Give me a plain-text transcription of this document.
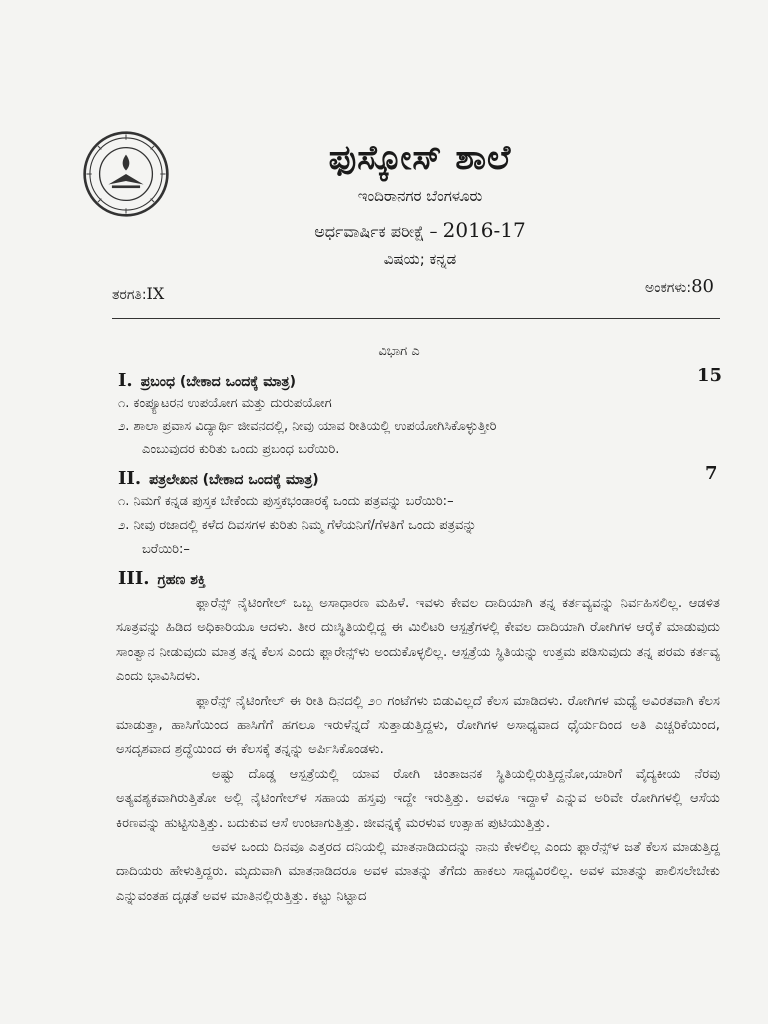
ಫುಸ್ಕೋಸ್ ಶಾಲೆ
ಇಂದಿರಾನಗರ ಬೆಂಗಳೂರು
ಅರ್ಧವಾರ್ಷಿಕ ಪರೀಕ್ಷೆ – 2016-17
ವಿಷಯ; ಕನ್ನಡ
ತರಗತಿ:IX	ಅಂಕಗಳು:80
ವಿಭಾಗ ಎ
I. ಪ್ರಬಂಧ (ಬೇಕಾದ ಒಂದಕ್ಕೆ ಮಾತ್ರ)	15
೧. ಕಂಪ್ಯೂಟರನ ಉಪಯೋಗ ಮತ್ತು ದುರುಪಯೋಗ
೨. ಶಾಲಾ ಪ್ರವಾಸ ವಿದ್ಯಾರ್ಥಿ ಜೀವನದಲ್ಲಿ, ನೀವು ಯಾವ ರೀತಿಯಲ್ಲಿ ಉಪಯೋಗಿಸಿಕೊಳ್ಳುತ್ತೀರಿ
ಎಂಬುವುದರ ಕುರಿತು ಒಂದು ಪ್ರಬಂಧ ಬರೆಯಿರಿ.
II. ಪತ್ರಲೇಖನ (ಬೇಕಾದ ಒಂದಕ್ಕೆ ಮಾತ್ರ)	7
೧. ನಿಮಗೆ ಕನ್ನಡ ಪುಸ್ತಕ ಬೇಕೆಂದು ಪುಸ್ತಕಭಂಡಾರಕ್ಕೆ ಒಂದು ಪತ್ರವನ್ನು ಬರೆಯಿರಿ:–
೨. ನೀವು ರಜಾದಲ್ಲಿ ಕಳೆದ ದಿವಸಗಳ ಕುರಿತು ನಿಮ್ಮ ಗೆಳೆಯನಿಗೆ/ಗೆಳತಿಗೆ ಒಂದು ಪತ್ರವನ್ನು
ಬರೆಯಿರಿ:–
III. ಗ್ರಹಣ ಶಕ್ತಿ

ಫ್ಲಾರೆನ್ಸ್ ನೈಟಿಂಗೇಲ್ ಒಬ್ಬ ಅಸಾಧಾರಣ ಮಹಿಳೆ. ಇವಳು ಕೇವಲ ದಾದಿಯಾಗಿ ತನ್ನ ಕರ್ತವ್ಯವನ್ನು ನಿರ್ವಹಿಸಲಿಲ್ಲ. ಆಡಳಿತ ಸೂತ್ರವನ್ನು ಹಿಡಿದ ಅಧಿಕಾರಿಯೂ ಆದಳು. ತೀರ ದುಃಸ್ಥಿತಿಯಲ್ಲಿದ್ದ ಈ ಮಿಲಿಟರಿ ಆಸ್ಪತ್ರೆಗಳಲ್ಲಿ ಕೇವಲ ದಾದಿಯಾಗಿ ರೋಗಿಗಳ ಆರೈಕೆ ಮಾಡುವುದು ಸಾಂತ್ವಾನ ನೀಡುವುದು ಮಾತ್ರ ತನ್ನ ಕೆಲಸ ಎಂದು ಫ್ಲಾರೇನ್ಸ್‌ಳು ಅಂದುಕೊಳ್ಳಲಿಲ್ಲ. ಆಸ್ಪತ್ರೆಯ ಸ್ಥಿತಿಯನ್ನು ಉತ್ತಮ ಪಡಿಸುವುದು ತನ್ನ ಪರಮ ಕರ್ತವ್ಯ ಎಂದು ಭಾವಿಸಿದಳು.

ಫ್ಲಾರೆನ್ಸ್ ನೈಟಿಂಗೇಲ್ ಈ ರೀತಿ ದಿನದಲ್ಲಿ ೨೦ ಗಂಟೆಗಳು ಬಿಡುವಿಲ್ಲದೆ ಕೆಲಸ ಮಾಡಿದಳು. ರೋಗಿಗಳ ಮಧ್ಯೆ ಅವಿರತವಾಗಿ ಕೆಲಸ ಮಾಡುತ್ತಾ, ಹಾಸಿಗೆಯಿಂದ ಹಾಸಿಗೆಗೆ ಹಗಲೂ ಇರುಳೆನ್ನದೆ ಸುತ್ತಾಡುತ್ತಿದ್ದಳು, ರೋಗಿಗಳ ಅಸಾಧ್ಯವಾದ ಧೈರ್ಯದಿಂದ ಅತಿ ಎಚ್ಚರಿಕೆಯಿಂದ, ಅಸದೃಶವಾದ ಶ್ರದ್ಧೆಯಿಂದ ಈ ಕೆಲಸಕ್ಕೆ ತನ್ನನ್ನು ಅರ್ಪಿಸಿಕೊಂಡಳು.

ಅಷ್ಟು ದೊಡ್ಡ ಆಸ್ಪತ್ರೆಯಲ್ಲಿ ಯಾವ ರೋಗಿ ಚಿಂತಾಜನಕ ಸ್ಥಿತಿಯಲ್ಲಿರುತ್ತಿದ್ದನೋ,ಯಾರಿಗೆ ವೈದ್ಯಕೀಯ ನೆರವು ಅತ್ಯವಶ್ಯಕವಾಗಿರುತ್ತಿತೋ ಅಲ್ಲಿ ನೈಟಿಂಗೇಲ್‌ಳ ಸಹಾಯ ಹಸ್ತವು ಇದ್ದೇ ಇರುತ್ತಿತ್ತು. ಅವಳೂ ಇದ್ದಾಳೆ ಎನ್ನುವ ಅರಿವೇ ರೋಗಿಗಳಲ್ಲಿ ಆಸೆಯ ಕಿರಣವನ್ನು ಹುಟ್ಟಿಸುತ್ತಿತ್ತು. ಬದುಕುವ ಆಸೆ ಉಂಟಾಗುತ್ತಿತ್ತು. ಜೀವನ್ನಕ್ಕೆ ಮರಳುವ ಉತ್ಸಾಹ ಪುಟಿಯುತ್ತಿತ್ತು.

ಅವಳ ಒಂದು ದಿನವೂ ಎತ್ತರದ ದನಿಯಲ್ಲಿ ಮಾತನಾಡಿದುದನ್ನು ನಾನು ಕೇಳಲಿಲ್ಲ ಎಂದು ಫ್ಲಾರೆನ್ಸ್‌ಳ ಜತೆ ಕೆಲಸ ಮಾಡುತ್ತಿದ್ದ ದಾದಿಯರು ಹೇಳುತ್ತಿದ್ದರು. ಮೃದುವಾಗಿ ಮಾತನಾಡಿದರೂ ಅವಳ ಮಾತನ್ನು ತೆಗೆದು ಹಾಕಲು ಸಾಧ್ಯವಿರಲಿಲ್ಲ. ಅವಳ ಮಾತನ್ನು ಪಾಲಿಸಲೇಬೇಕು ಎನ್ನುವಂತಹ ದೃಢತೆ ಅವಳ ಮಾತಿನಲ್ಲಿರುತ್ತಿತ್ತು. ಕಟ್ಟು ನಿಟ್ಟಾದ
